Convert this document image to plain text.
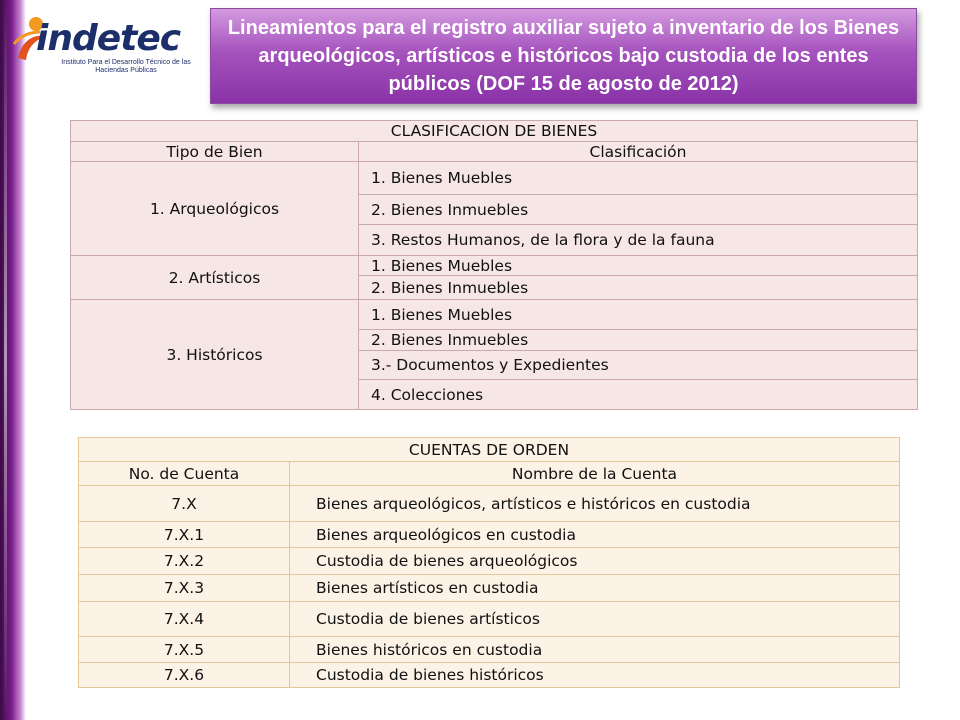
indetec
Instituto Para el Desarrollo Técnico de las Haciendas Públicas

Lineamientos para el registro auxiliar sujeto a inventario de los Bienes arqueológicos, artísticos e históricos bajo custodia de los entes públicos (DOF 15 de agosto de 2012)

CLASIFICACION DE BIENES	
Tipo de Bien	Clasificación
1. Arqueológicos	1. Bienes Muebles
	2. Bienes Inmuebles
	3. Restos Humanos, de la flora y de la fauna
2. Artísticos	1. Bienes Muebles
	2. Bienes Inmuebles
3. Históricos	1. Bienes Muebles
	2. Bienes Inmuebles
	3.- Documentos y Expedientes
	4. Colecciones
CUENTAS DE ORDEN	
No. de Cuenta	Nombre de la Cuenta
7.X	Bienes arqueológicos, artísticos e históricos en custodia
7.X.1	Bienes arqueológicos en custodia
7.X.2	Custodia de bienes arqueológicos
7.X.3	Bienes artísticos en custodia
7.X.4	Custodia de bienes artísticos
7.X.5	Bienes históricos en custodia
7.X.6	Custodia de bienes históricos
